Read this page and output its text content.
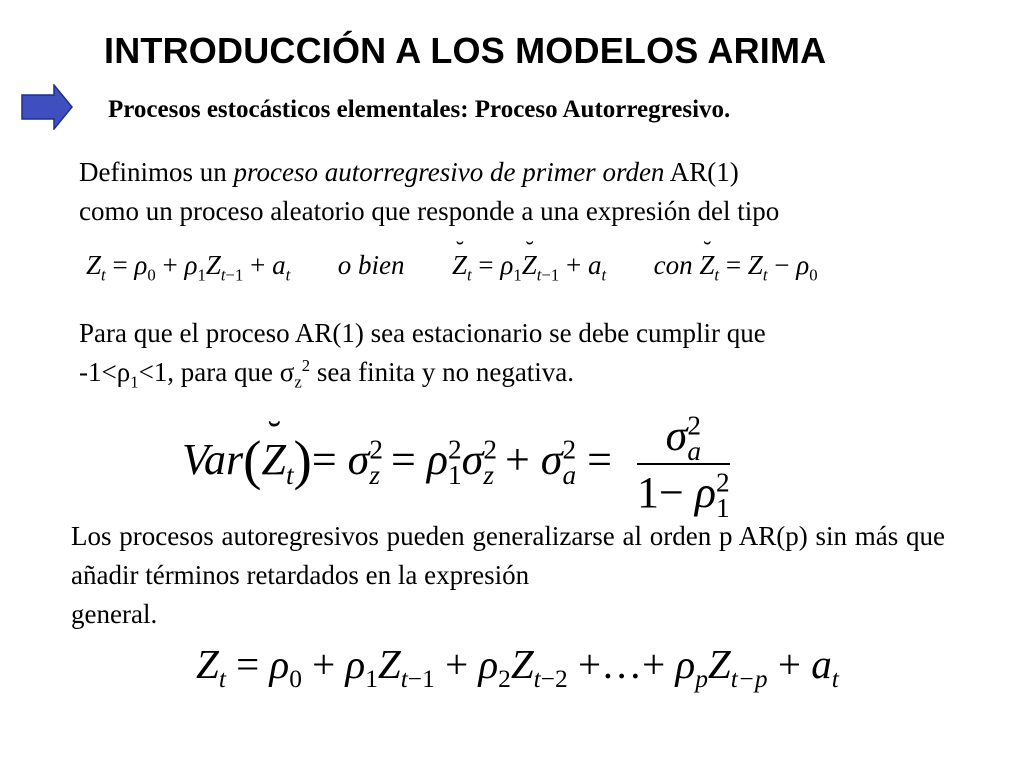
INTRODUCCIÓN A LOS MODELOS ARIMA
Procesos estocásticos elementales: Proceso Autorregresivo.
Definimos un proceso autorregresivo de primer orden AR(1)
como un proceso aleatorio que responde a una expresión del tipo
$Z_t = \rho_0 + \rho_1Z_{t-1} + a_t$ o bien ˘ $Z_t$ = $\rho_1˘$ $Z_{t-1} + a_t$ con ˘ $Z_t = Z_t - \rho_0$
Para que el proceso AR(1) sea estacionario se debe cumplir que
$-1<\rho_1<1$, para que $\sigma_z^2$ sea finita y no negativa.
Var(˘ $Z_t)= \sigma^2_z = \rho^2_1\sigma^2_z + \sigma^2_a = \frac{\sigma^2_a}{1- \rho^2_1}$
Los procesos autoregresivos pueden generalizarse al orden p AR(p) sin más que añadir términos retardados en la expresión
general.
$Z_t = \rho_0 + \rho_1Z_{t-1} + \rho_2Z_{t-2}$ +…+ $\rho_pZ_{t-p} + a_t$
